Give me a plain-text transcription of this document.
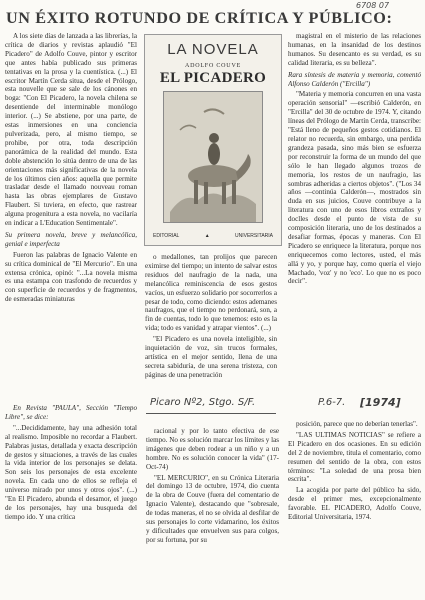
UN ÉXITO ROTUNDO DE CRÍTICA Y PÚBLICO:
6708 07

A los siete días de lanzada a las librerías, la crítica de diarios y revistas aplaudió "El Picadero" de Adolfo Couve, pintor y escritor que antes había publicado sus primeras tentativas en la prosa y la cuentística. (...) El escritor Martín Cerda situa, desde el Prólogo, esta nouvelle que se sale de los cánones en boga: "Con El Picadero, la novela chilena se desentiende del interminable monólogo interior. (...) Se abstiene, por una parte, de estas inmersiones en una conciencia pulverizada, pero, al mismo tiempo, se prohibe, por otra, toda descripción panorámica de la realidad del mundo. Esta doble abstención lo sitúa dentro de una de las orientaciones más significativas de la novela de los últimos cien años: aquella que permite trasladar desde el llamado nouveau roman hasta las obras ejemplares de Gustavo Flaubert. Si tuviera, en efecto, que rastrear alguna progenitura a esta novela, no vacilaría en indicar a L'Education Sentimentale".

Su primera novela, breve y melancólica, genial e imperfecta

Fueron las palabras de Ignacio Valente en su crítica dominical de "El Mercurio". En una extensa crónica, opinó: "...La novela misma es una estampa con trasfondo de recuerdos y con superficie de recuerdos y de fragmentos, de esmeradas miniaturas

LA NOVELA
ADOLFO COUVE
EL PICADERO
EDITORIAL	▲	UNIVERSITARIA

o medallones, tan prolijos que parecen eximirse del tiempo; un intento de salvar estos residuos del naufragio de la nada, una melancólica reminiscencia de esos gestos vacíos, un esfuerzo solidario por socorrerlos a pesar de todo, como diciendo: estos ademanes naufragos, que el tiempo no perdonará, son, a fin de cuentas, todo lo que tenemos: esto es la vida; todo es vanidad y atrapar vientos". (...)

"El Picadero es una novela inteligible, sin inquietación de voz, sin trucos formales, artística en el mejor sentido, llena de una secreta sabiduría, de una serena tristeza, con páginas de una penetración

magistral en el misterio de las relaciones humanas, en la insanidad de los destinos humanos. Su desencanto es su verdad, es su calidad literaria, es su belleza".

Rara síntesis de materia y memoria, comentó Alfonso Calderón ("Ercilla")

"Materia y memoria concurren en una vasta operación sensorial" —escribió Calderón, en "Ercilla" del 30 de octubre de 1974. Y, citando líneas del Prólogo de Martín Cerda, transcribe: "Está lleno de pequeños gestos cotidianos. El relator no recuerda, sin embargo, una perdida grandeza pasada, sino más bien se esfuerza por reconstruir la forma de un mundo del que sólo le han llegado algunos trozos de memoria, los restos de un naufragio, las sombras adheridas a ciertos objetos". ("Los 34 años —continúa Calderón—, mostrados sin duda en sus juicios, Couve contribuye a la literatura con uno de esos libros extraños y doclles desde el punto de vista de su composición literaria, uno de los destinados a desafiar formas, épocas y maneras. Con El Picadero se enriquece la literatura, porque nos enriquecemos como lectores, usted, el más allá y yo, y porque hay, como quería el viejo Machado, 'voz' y no 'eco'. Lo que no es poco decir".

Picaro Nº2, Stgo. S/F.	P.6-7. [1974]

En Revista "PAULA", Sección "Tiempo Libre", se dice:

"...Decididamente, hay una adhesión total al realismo. Imposible no recordar a Flaubert. Palabras justas, detallada y exacta descripción de gestos y situaciones, a través de las cuales la vida interior de los personajes se delata. Son seis los personajes de esta excelente novela. En cada uno de ellos se refleja el universo mirado por unos y otros ojos". (...) "En El Picadero, abunda el desamor, el juego de los personajes, hay una busqueda del tiempo ido. Y una crítica

racional y por lo tanto efectiva de ese tiempo. No es solución marcar los límites y las imágenes que deben rodear a un niño y a un hombre. No es solución conocer la vida" (17-Oct-74)

"EL MERCURIO", en su Crónica Literaria del domingo 13 de octubre, 1974, dio cuenta de la obra de Couve (fuera del comentario de Ignacio Valente), destacando que "sobresale, de todas maneras, el no se olvida al desfilar de sus personajes lo corte vidamarino, los éxitos y dificultades que envuelven sus para colgos, por su fortuna, por su

posición, parece que no deberían tenerlas".

"LAS ULTIMAS NOTICIAS" se refiere a El Picadero en dos ocasiones. En su edición del 2 de noviembre, titula el comentario, como resumen del sentido de la obra, con estos términos: "La soledad de una prosa bien escrita".

La acogida por parte del público ha sido, desde el primer mes, excepcionalmente favorable. EL PICADERO, Adolfo Couve, Editorial Universitaria, 1974.
